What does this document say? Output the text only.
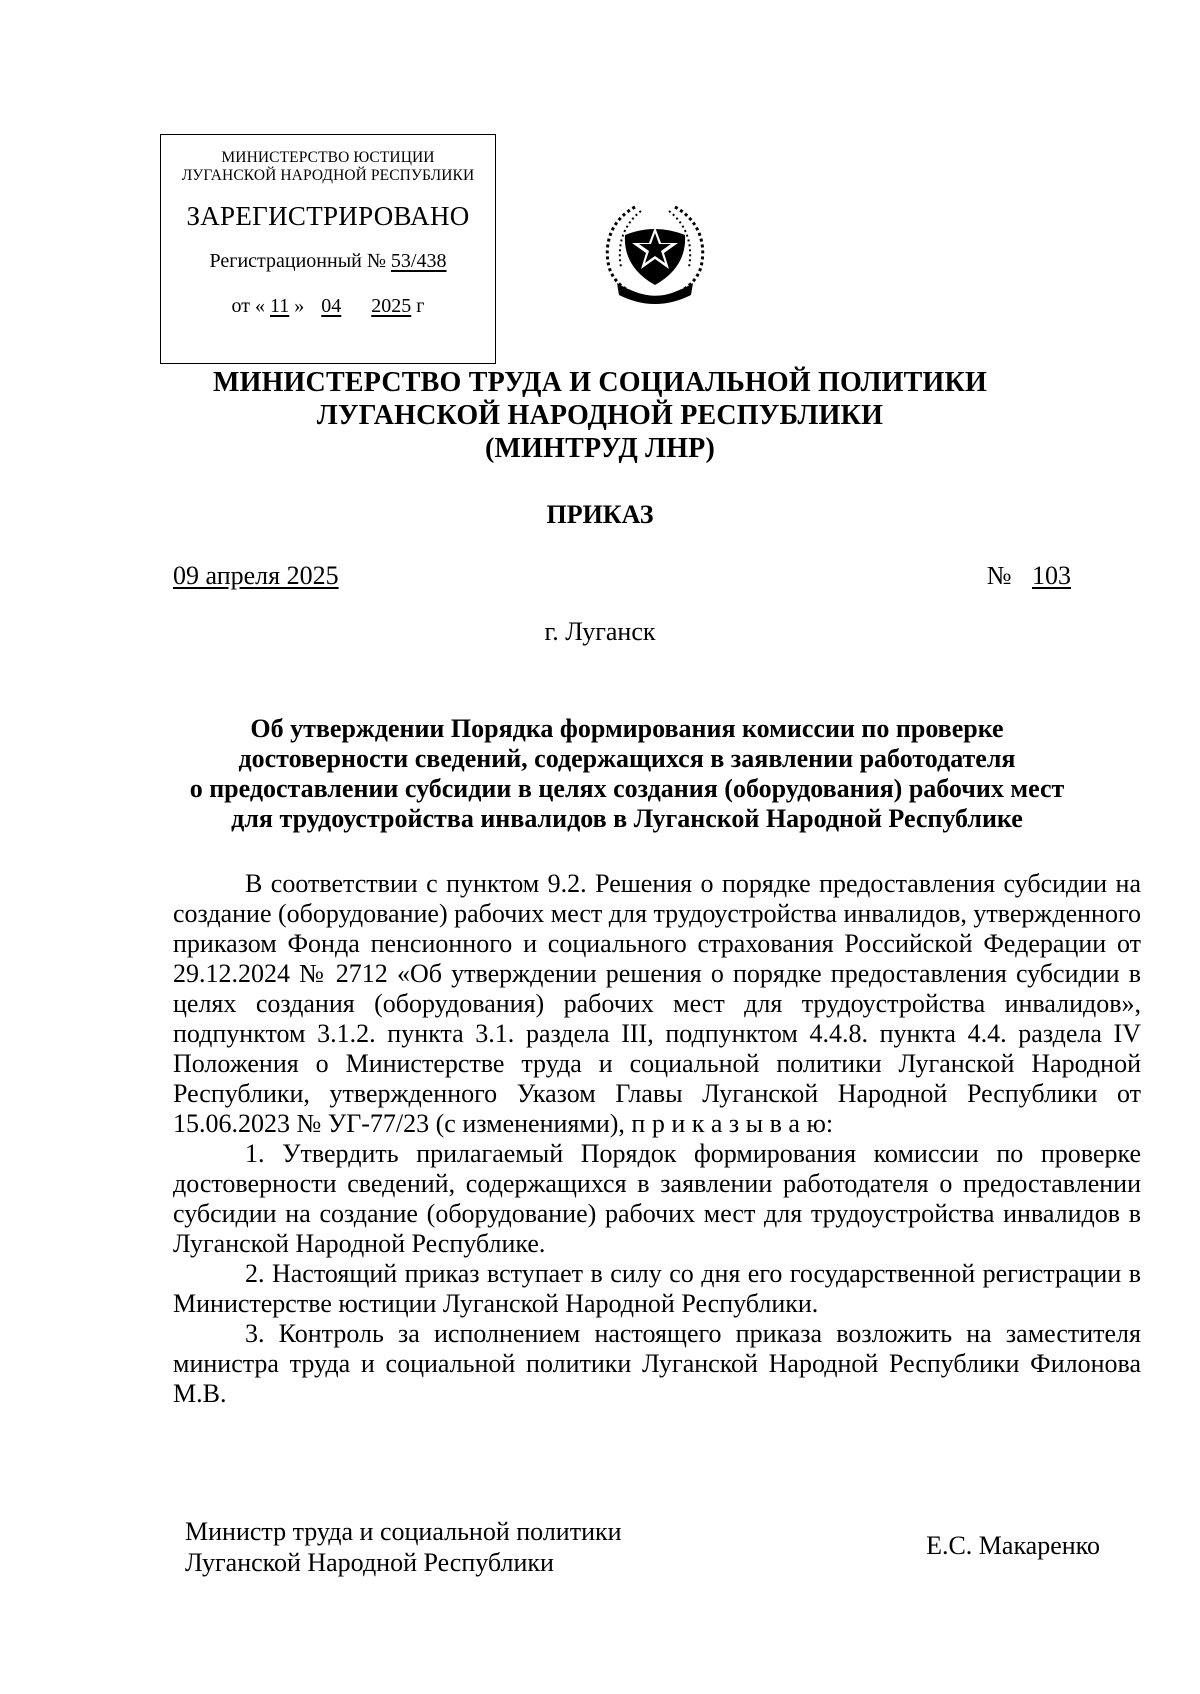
МИНИСТЕРСТВО ЮСТИЦИИ
ЛУГАНСКОЙ НАРОДНОЙ РЕСПУБЛИКИ
ЗАРЕГИСТРИРОВАНО
Регистрационный № 53/438
от « 11 » 04 2025 г
МИНИСТЕРСТВО ТРУДА И СОЦИАЛЬНОЙ ПОЛИТИКИ
ЛУГАНСКОЙ НАРОДНОЙ РЕСПУБЛИКИ
(МИНТРУД ЛНР)
ПРИКАЗ
09 апреля 2025	№ 103
г. Луганск
Об утверждении Порядка формирования комиссии по проверке
достоверности сведений, содержащихся в заявлении работодателя
о предоставлении субсидии в целях создания (оборудования) рабочих мест
для трудоустройства инвалидов в Луганской Народной Республике

В соответствии с пунктом 9.2. Решения о порядке предоставления субсидии на создание (оборудование) рабочих мест для трудоустройства инвалидов, утвержденного приказом Фонда пенсионного и социального страхования Российской Федерации от 29.12.2024 № 2712 «Об утверждении решения о порядке предоставления субсидии в целях создания (оборудования) рабочих мест для трудоустройства инвалидов», подпунктом 3.1.2. пункта 3.1. раздела III, подпунктом 4.4.8. пункта 4.4. раздела IV Положения о Министерстве труда и социальной политики Луганской Народной Республики, утвержденного Указом Главы Луганской Народной Республики от 15.06.2023 № УГ-77/23 (с изменениями), п р и к а з ы в а ю:

1. Утвердить прилагаемый Порядок формирования комиссии по проверке достоверности сведений, содержащихся в заявлении работодателя о предоставлении субсидии на создание (оборудование) рабочих мест для трудоустройства инвалидов в Луганской Народной Республике.

2. Настоящий приказ вступает в силу со дня его государственной регистрации в Министерстве юстиции Луганской Народной Республики.

3. Контроль за исполнением настоящего приказа возложить на заместителя министра труда и социальной политики Луганской Народной Республики Филонова М.В.

Министр труда и социальной политики
Луганской Народной Республики
Е.С. Макаренко
